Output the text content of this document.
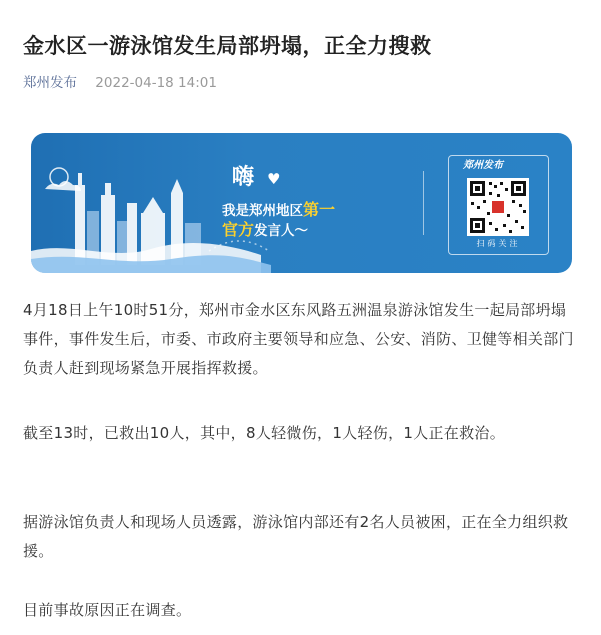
金水区一游泳馆发生局部坍塌，正全力搜救
郑州发布 2022-04-18 14:01
嗨 ♥
我是郑州地区第一
官方发言人～
郑州发布
扫码关注
4月18日上午10时51分，郑州市金水区东风路五洲温泉游泳馆发生一起局部坍塌事件，事件发生后，市委、市政府主要领导和应急、公安、消防、卫健等相关部门负责人赶到现场紧急开展指挥救援。
截至13时，已救出10人，其中，8人轻微伤，1人轻伤，1人正在救治。
据游泳馆负责人和现场人员透露，游泳馆内部还有2名人员被困，正在全力组织救援。
目前事故原因正在调查。
